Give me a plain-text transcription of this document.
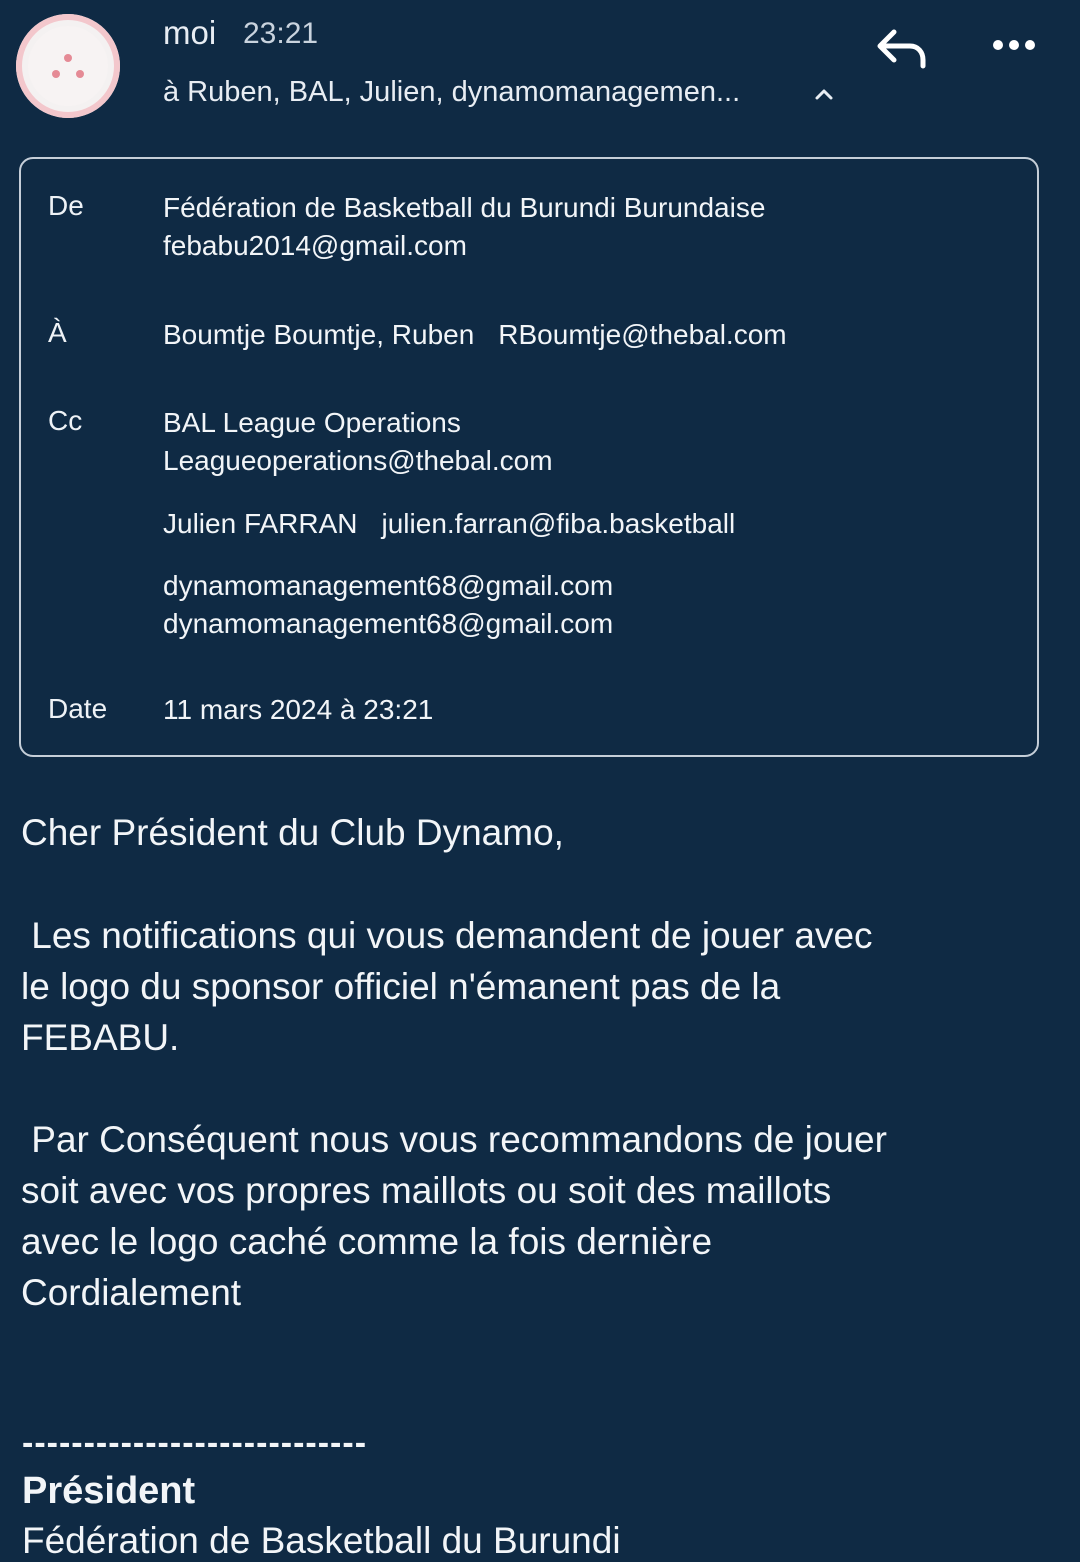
moi 23:21
à Ruben, BAL, Julien, dynamomanagemen...
De	Fédération de Basketball du Burundi Burundaise
febabu2014@gmail.com
À	Boumtje Boumtje, Ruben RBoumtje@thebal.com
Cc	BAL League Operations
Leagueoperations@thebal.com
Julien FARRAN julien.farran@fiba.basketball
dynamomanagement68@gmail.com
dynamomanagement68@gmail.com
Date 11 mars 2024 à 23:21
Cher Président du Club Dynamo,
Les notifications qui vous demandent de jouer avec
le logo du sponsor officiel n'émanent pas de la
FEBABU.
Par Conséquent nous vous recommandons de jouer
soit avec vos propres maillots ou soit des maillots
avec le logo caché comme la fois dernière
Cordialement
----------------------------
Président
Fédération de Basketball du Burundi
